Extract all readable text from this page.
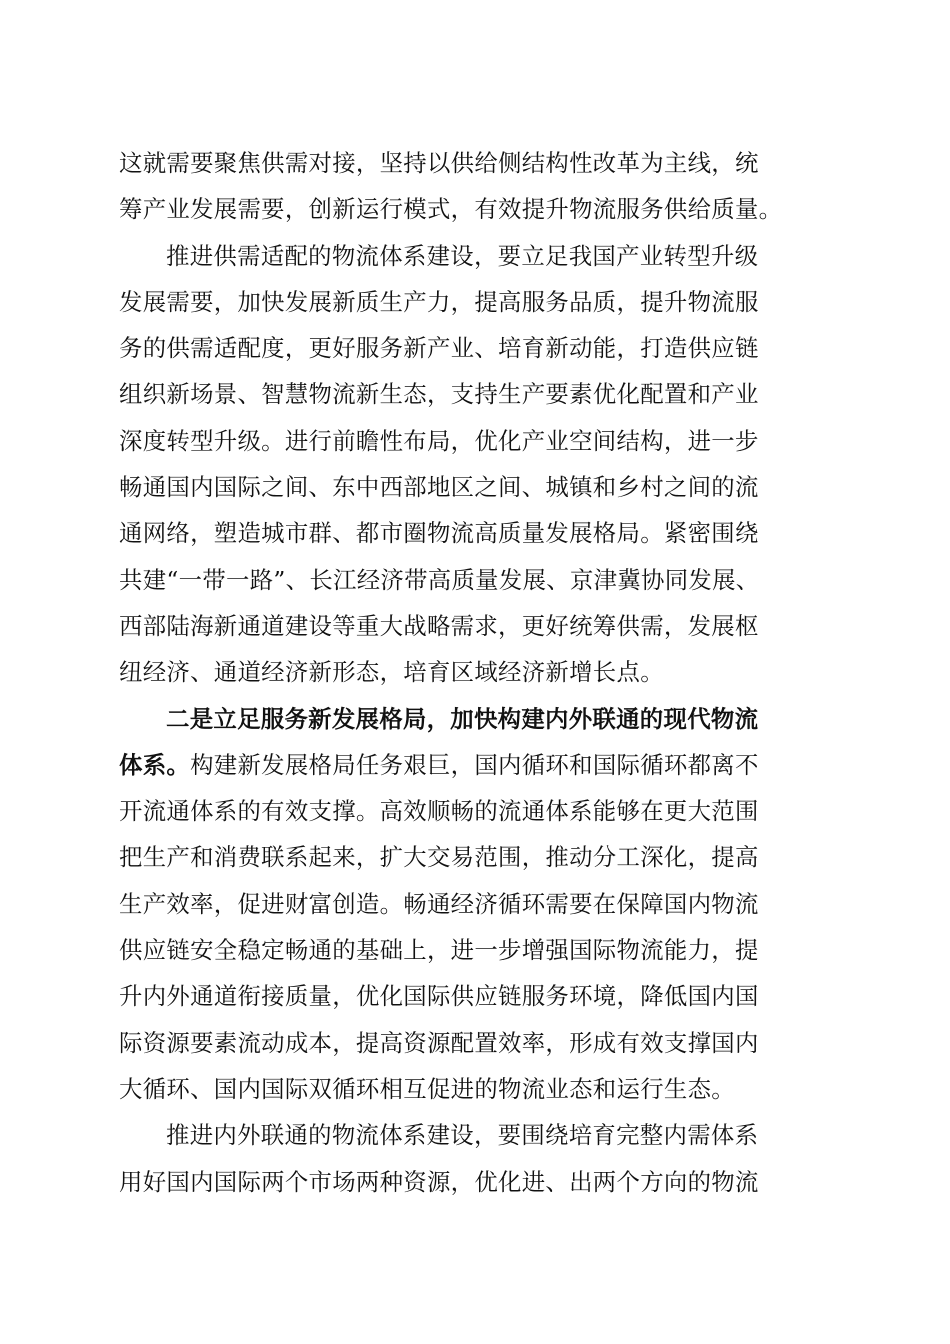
这就需要聚焦供需对接，坚持以供给侧结构性改革为主线，统
筹产业发展需要，创新运行模式，有效提升物流服务供给质量。
推进供需适配的物流体系建设，要立足我国产业转型升级
发展需要，加快发展新质生产力，提高服务品质，提升物流服
务的供需适配度，更好服务新产业、培育新动能，打造供应链
组织新场景、智慧物流新生态，支持生产要素优化配置和产业
深度转型升级。进行前瞻性布局，优化产业空间结构，进一步
畅通国内国际之间、东中西部地区之间、城镇和乡村之间的流
通网络，塑造城市群、都市圈物流高质量发展格局。紧密围绕
共建“一带一路”、长江经济带高质量发展、京津冀协同发展、
西部陆海新通道建设等重大战略需求，更好统筹供需，发展枢
纽经济、通道经济新形态，培育区域经济新增长点。
二是立足服务新发展格局，加快构建内外联通的现代物流
体系。构建新发展格局任务艰巨，国内循环和国际循环都离不
开流通体系的有效支撑。高效顺畅的流通体系能够在更大范围
把生产和消费联系起来，扩大交易范围，推动分工深化，提高
生产效率，促进财富创造。畅通经济循环需要在保障国内物流
供应链安全稳定畅通的基础上，进一步增强国际物流能力，提
升内外通道衔接质量，优化国际供应链服务环境，降低国内国
际资源要素流动成本，提高资源配置效率，形成有效支撑国内
大循环、国内国际双循环相互促进的物流业态和运行生态。
推进内外联通的物流体系建设，要围绕培育完整内需体系
用好国内国际两个市场两种资源，优化进、出两个方向的物流
